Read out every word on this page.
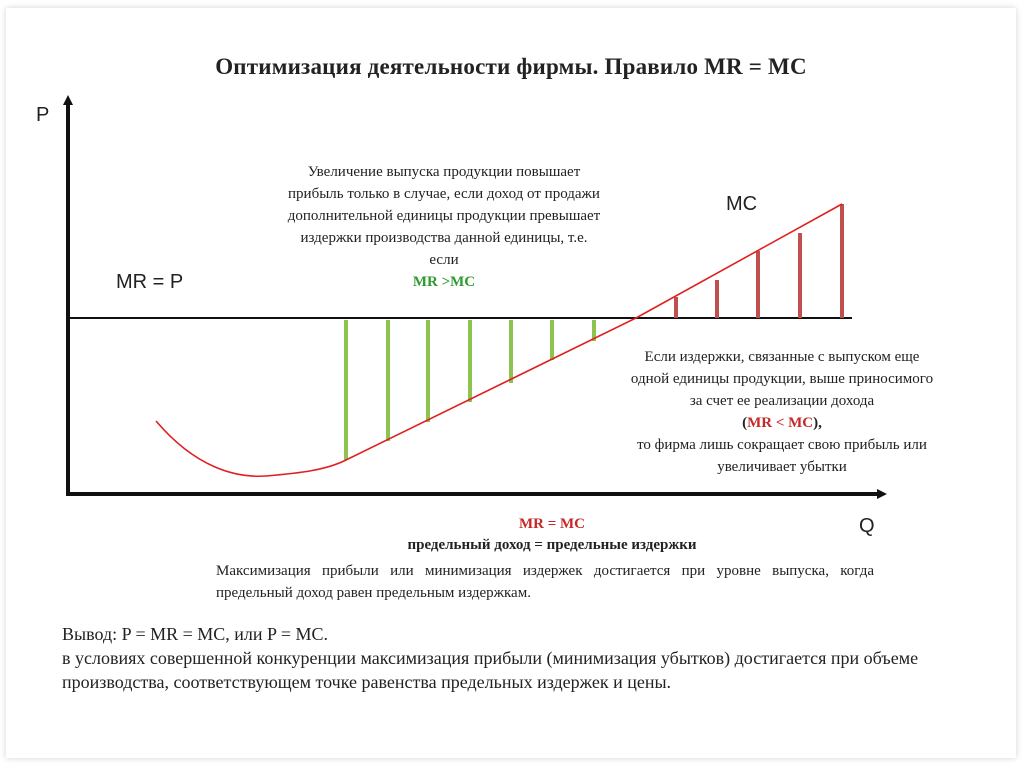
Оптимизация деятельности фирмы. Правило MR = MC
P
Q
MR = P
MC
Увеличение выпуска продукции повышает
прибыль только в случае, если доход от продажи
дополнительной единицы продукции превышает
издержки производства данной единицы, т.е.
если
MR >MC
Если издержки, связанные с выпуском еще
одной единицы продукции, выше приносимого
за счет ее реализации дохода
(MR < MC),
то фирма лишь сокращает свою прибыль или
увеличивает убытки
MR = MC
предельный доход = предельные издержки
Максимизация прибыли или минимизация издержек достигается при уровне выпуска, когда предельный доход равен предельным издержкам.
Вывод: P = MR = MC, или P = MC.
в условиях совершенной конкуренции максимизация прибыли (минимизация убытков) достигается при объеме производства, соответствующем точке равенства предельных издержек и цены.
